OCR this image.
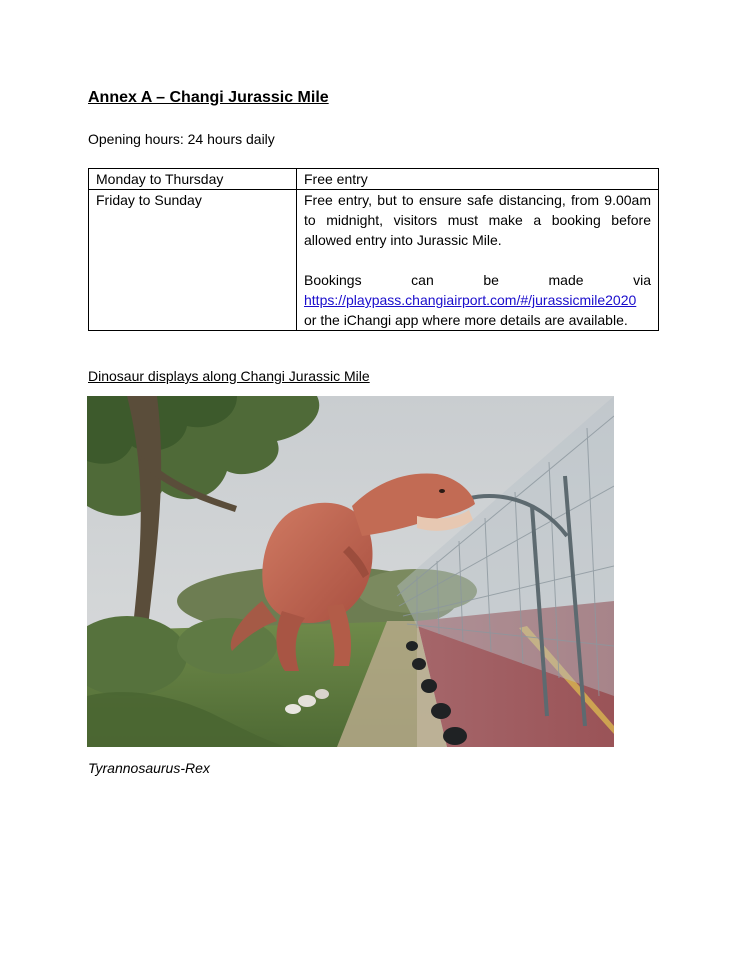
Annex A – Changi Jurassic Mile

Opening hours: 24 hours daily

Monday to Thursday	Free entry
Friday to Sunday	Free entry, but to ensure safe distancing, from 9.00am to midnight, visitors must make a booking before allowed entry into Jurassic Mile.
Bookings can be made via
https://playpass.changiairport.com/#/jurassicmile2020
or the iChangi app where more details are available.

Dinosaur displays along Changi Jurassic Mile

Tyrannosaurus-Rex
